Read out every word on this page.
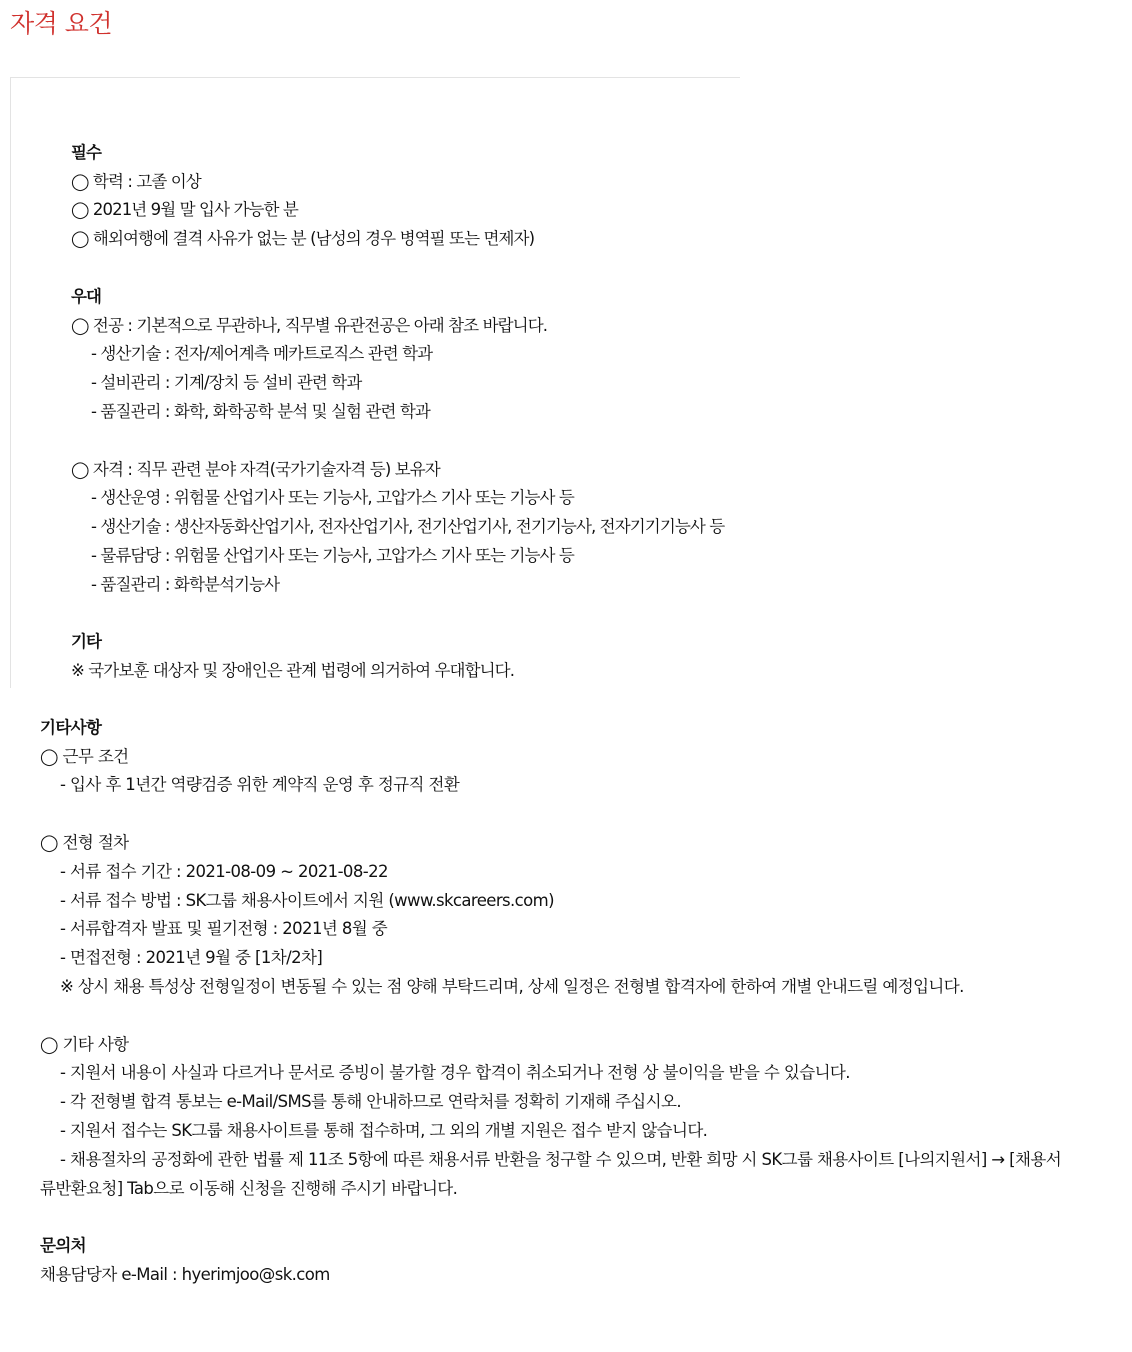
자격 요건
필수
◯ 학력 : 고졸 이상
◯ 2021년 9월 말 입사 가능한 분
◯ 해외여행에 결격 사유가 없는 분 (남성의 경우 병역필 또는 면제자)
우대
◯ 전공 : 기본적으로 무관하나, 직무별 유관전공은 아래 참조 바랍니다.
- 생산기술 : 전자/제어계측 메카트로직스 관련 학과
- 설비관리 : 기계/장치 등 설비 관련 학과
- 품질관리 : 화학, 화학공학 분석 및 실험 관련 학과
◯ 자격 : 직무 관련 분야 자격(국가기술자격 등) 보유자
- 생산운영 : 위험물 산업기사 또는 기능사, 고압가스 기사 또는 기능사 등
- 생산기술 : 생산자동화산업기사, 전자산업기사, 전기산업기사, 전기기능사, 전자기기기능사 등
- 물류담당 : 위험물 산업기사 또는 기능사, 고압가스 기사 또는 기능사 등
- 품질관리 : 화학분석기능사
기타
※ 국가보훈 대상자 및 장애인은 관계 법령에 의거하여 우대합니다.
기타사항
◯ 근무 조건
- 입사 후 1년간 역량검증 위한 계약직 운영 후 정규직 전환
◯ 전형 절차
- 서류 접수 기간 : 2021-08-09 ~ 2021-08-22
- 서류 접수 방법 : SK그룹 채용사이트에서 지원 (www.skcareers.com)
- 서류합격자 발표 및 필기전형 : 2021년 8월 중
- 면접전형 : 2021년 9월 중 [1차/2차]
※ 상시 채용 특성상 전형일정이 변동될 수 있는 점 양해 부탁드리며, 상세 일정은 전형별 합격자에 한하여 개별 안내드릴 예정입니다.
◯ 기타 사항
- 지원서 내용이 사실과 다르거나 문서로 증빙이 불가할 경우 합격이 취소되거나 전형 상 불이익을 받을 수 있습니다.
- 각 전형별 합격 통보는 e-Mail/SMS를 통해 안내하므로 연락처를 정확히 기재해 주십시오.
- 지원서 접수는 SK그룹 채용사이트를 통해 접수하며, 그 외의 개별 지원은 접수 받지 않습니다.
- 채용절차의 공정화에 관한 법률 제 11조 5항에 따른 채용서류 반환을 청구할 수 있으며, 반환 희망 시 SK그룹 채용사이트 [나의지원서] → [채용서
류반환요청] Tab으로 이동해 신청을 진행해 주시기 바랍니다.
문의처
채용담당자 e-Mail : hyerimjoo@sk.com
